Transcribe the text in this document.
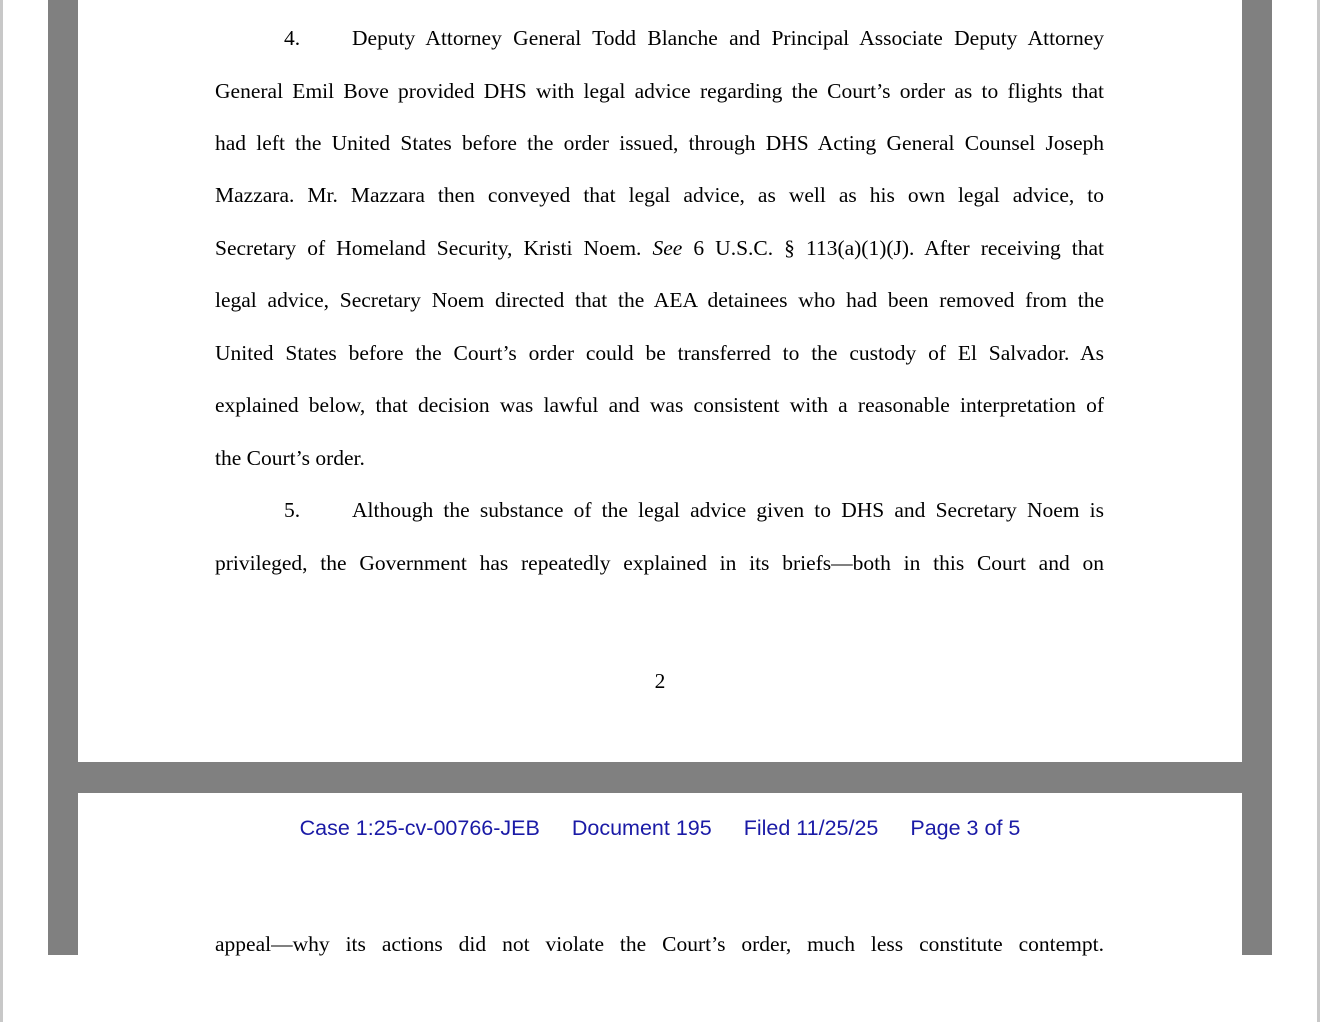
4. Deputy Attorney General Todd Blanche and Principal Associate Deputy Attorney
General Emil Bove provided DHS with legal advice regarding the Court’s order as to flights that
had left the United States before the order issued, through DHS Acting General Counsel Joseph
Mazzara. Mr. Mazzara then conveyed that legal advice, as well as his own legal advice, to
Secretary of Homeland Security, Kristi Noem. See 6 U.S.C. § 113(a)(1)(J). After receiving that
legal advice, Secretary Noem directed that the AEA detainees who had been removed from the
United States before the Court’s order could be transferred to the custody of El Salvador. As
explained below, that decision was lawful and was consistent with a reasonable interpretation of
the Court’s order.
5. Although the substance of the legal advice given to DHS and Secretary Noem is
privileged, the Government has repeatedly explained in its briefs—both in this Court and on
2
Case 1:25-cv-00766-JEB Document 195 Filed 11/25/25 Page 3 of 5
appeal—why its actions did not violate the Court’s order, much less constitute contempt.
